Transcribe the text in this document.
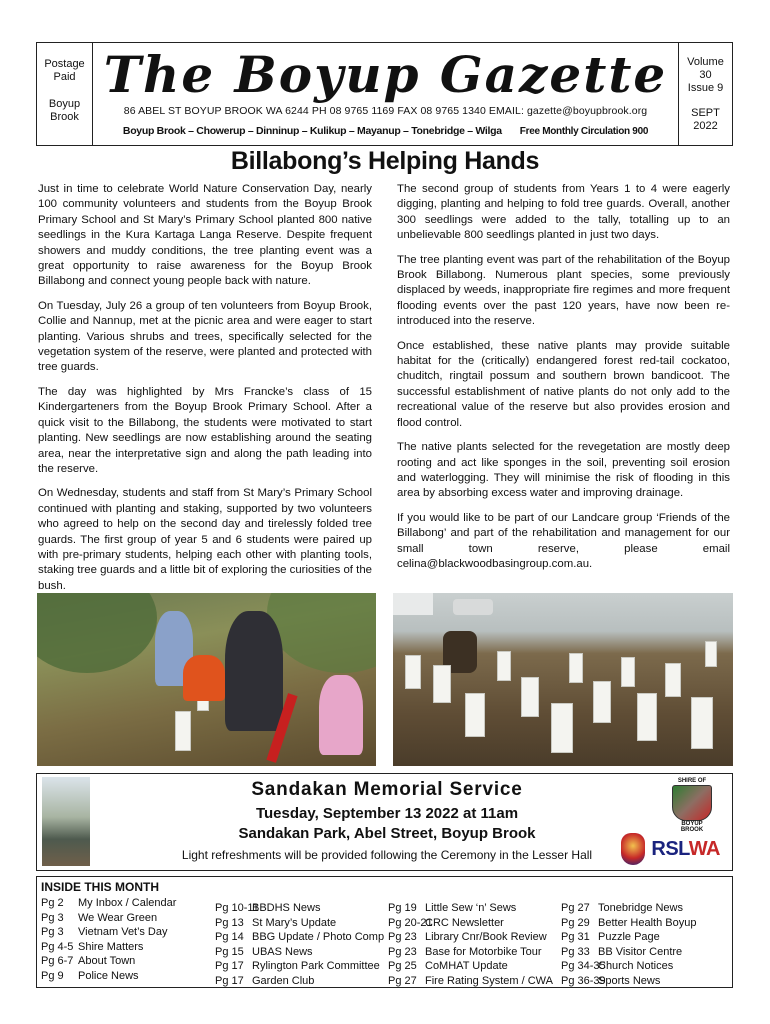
Postage
Paid
Boyup
Brook
The Boyup Gazette
86 ABEL ST BOYUP BROOK WA 6244 PH 08 9765 1169 FAX 08 9765 1340 EMAIL: gazette@boyupbrook.org
Boyup Brook – Chowerup – Dinninup – Kulikup – Mayanup – Tonebridge – Wilga Free Monthly Circulation 900
Volume
30
Issue 9
SEPT
2022
Billabong’s Helping Hands

Just in time to celebrate World Nature Conservation Day, nearly 100 community volunteers and students from the Boyup Brook Primary School and St Mary’s Primary School planted 800 native seedlings in the Kura Kartaga Langa Reserve. Despite frequent showers and muddy conditions, the tree planting event was a great opportunity to raise awareness for the Boyup Brook Billabong and connect young people back with nature.

On Tuesday, July 26 a group of ten volunteers from Boyup Brook, Collie and Nannup, met at the picnic area and were eager to start planting. Various shrubs and trees, specifically selected for the vegetation system of the reserve, were planted and protected with tree guards.

The day was highlighted by Mrs Francke’s class of 15 Kindergarteners from the Boyup Brook Primary School. After a quick visit to the Billabong, the students were motivated to start planting. New seedlings are now establishing around the seating area, near the interpretative sign and along the path leading into the reserve.

On Wednesday, students and staff from St Mary’s Primary School continued with planting and staking, supported by two volunteers who agreed to help on the second day and tirelessly folded tree guards. The first group of year 5 and 6 students were paired up with pre-primary students, helping each other with planting tools, staking tree guards and a little bit of exploring the curiosities of the bush.

The second group of students from Years 1 to 4 were eagerly digging, planting and helping to fold tree guards. Overall, another 300 seedlings were added to the tally, totalling up to an unbelievable 800 seedlings planted in just two days.

The tree planting event was part of the rehabilitation of the Boyup Brook Billabong. Numerous plant species, some previously displaced by weeds, inappropriate fire regimes and more frequent flooding events over the past 120 years, have now been re-introduced into the reserve.

Once established, these native plants may provide suitable habitat for the (critically) endangered forest red-tail cockatoo, chuditch, ringtail possum and southern brown bandicoot. The successful establishment of native plants do not only add to the recreational value of the reserve but also provides erosion and flood control.

The native plants selected for the revegetation are mostly deep rooting and act like sponges in the soil, preventing soil erosion and waterlogging. They will minimise the risk of flooding in this area by absorbing excess water and improving drainage.

If you would like to be part of our Landcare group ‘Friends of the Billabong’ and part of the rehabilitation and management for our small town reserve, please email celina@blackwoodbasingroup.com.au.

Sandakan Memorial Service
Tuesday, September 13 2022 at 11am
Sandakan Park, Abel Street, Boyup Brook
Light refreshments will be provided following the Ceremony in the Lesser Hall
SHIRE OF
BOYUP BROOK
RSLWA
INSIDE THIS MONTH
Pg 2 My Inbox / Calendar
Pg 3 We Wear Green
Pg 3 Vietnam Vet’s Day
Pg 4-5 Shire Matters
Pg 6-7 About Town
Pg 9 Police News
Pg 10-11BBDHS News
Pg 13 St Mary’s Update
Pg 14 BBG Update / Photo Comp
Pg 15 UBAS News
Pg 17 Rylington Park Committee
Pg 17 Garden Club
Pg 19 Little Sew ‘n’ Sews
Pg 20-21CRC Newsletter
Pg 23 Library Cnr/Book Review
Pg 23 Base for Motorbike Tour
Pg 25 CoMHAT Update
Pg 27 Fire Rating System / CWA
Pg 27 Tonebridge News
Pg 29 Better Health Boyup
Pg 31 Puzzle Page
Pg 33 BB Visitor Centre
Pg 34-35Church Notices
Pg 36-39Sports News
